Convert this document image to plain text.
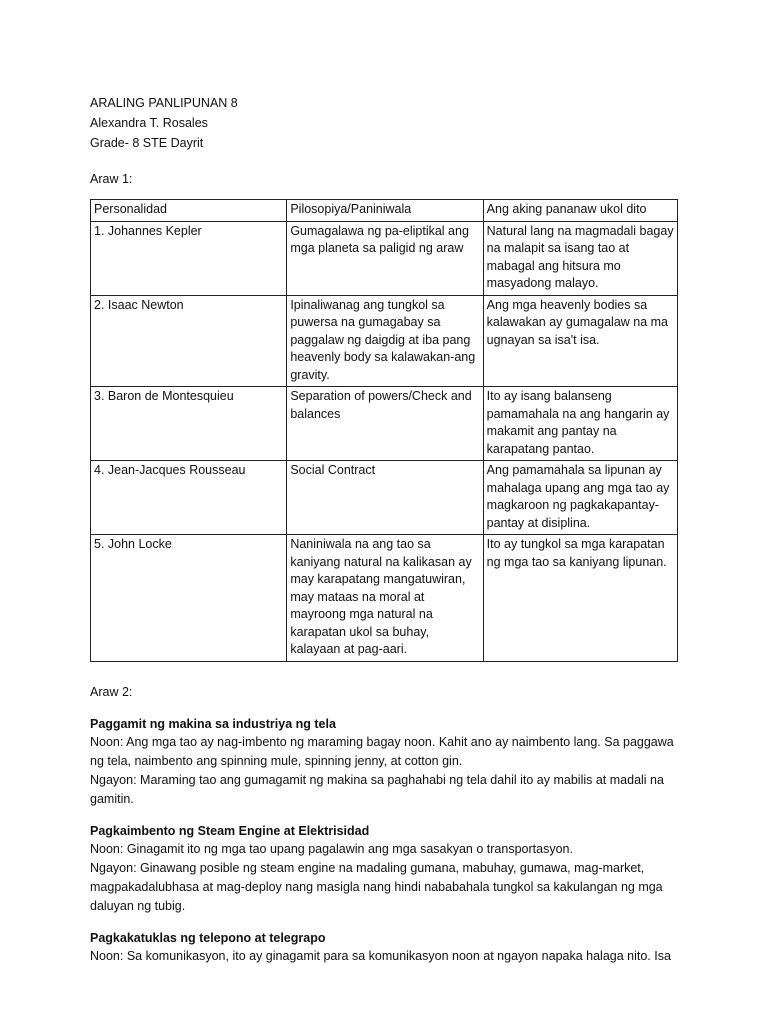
ARALING PANLIPUNAN 8
Alexandra T. Rosales
Grade- 8 STE Dayrit
Araw 1:
Personalidad	Pilosopiya/Paniniwala	Ang aking pananaw ukol dito
1. Johannes Kepler	Gumagalawa ng pa-eliptikal ang mga planeta sa paligid ng araw	Natural lang na magmadali bagay na malapit sa isang tao at mabagal ang hitsura mo masyadong malayo.
2. Isaac Newton	Ipinaliwanag ang tungkol sa puwersa na gumagabay sa paggalaw ng daigdig at iba pang heavenly body sa kalawakan-ang gravity.	Ang mga heavenly bodies sa kalawakan ay gumagalaw na ma ugnayan sa isa't isa.
3. Baron de Montesquieu	Separation of powers/Check and balances	Ito ay isang balanseng pamamahala na ang hangarin ay makamit ang pantay na karapatang pantao.
4. Jean-Jacques Rousseau	Social Contract	Ang pamamahala sa lipunan ay mahalaga upang ang mga tao ay magkaroon ng pagkakapantay-pantay at disiplina.
5. John Locke	Naniniwala na ang tao sa kaniyang natural na kalikasan ay may karapatang mangatuwiran, may mataas na moral at mayroong mga natural na karapatan ukol sa buhay, kalayaan at pag-aari.	Ito ay tungkol sa mga karapatan ng mga tao sa kaniyang lipunan.
Araw 2:
Paggamit ng makina sa industriya ng tela
Noon: Ang mga tao ay nag-imbento ng maraming bagay noon. Kahit ano ay naimbento lang. Sa paggawa ng tela, naimbento ang spinning mule, spinning jenny, at cotton gin.
Ngayon: Maraming tao ang gumagamit ng makina sa paghahabi ng tela dahil ito ay mabilis at madali na gamitin.
Pagkaimbento ng Steam Engine at Elektrisidad
Noon: Ginagamit ito ng mga tao upang pagalawin ang mga sasakyan o transportasyon.
Ngayon: Ginawang posible ng steam engine na madaling gumana, mabuhay, gumawa, mag-market, magpakadalubhasa at mag-deploy nang masigla nang hindi nababahala tungkol sa kakulangan ng mga daluyan ng tubig.
Pagkakatuklas ng telepono at telegrapo
Noon: Sa komunikasyon, ito ay ginagamit para sa komunikasyon noon at ngayon napaka halaga nito. Isa
